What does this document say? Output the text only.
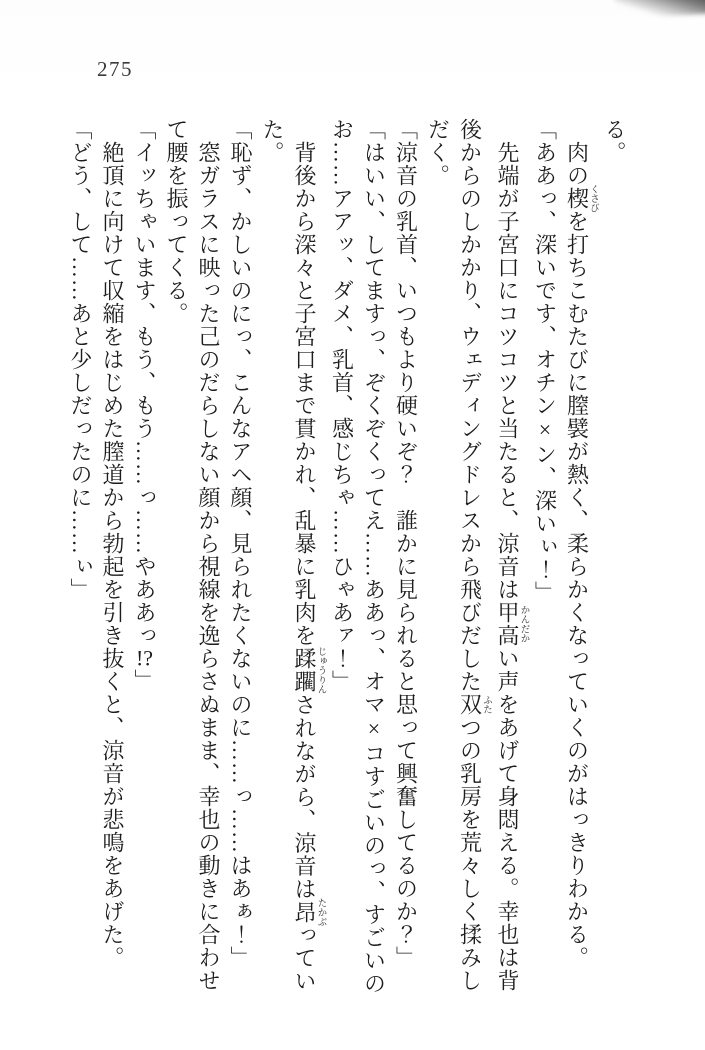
275

る。

肉の楔くさびを打ちこむたびに膣襞が熱く、柔らかくなっていくのがはっきりわかる。

「ああっ、深いです、オチン×ン、深いぃ！」

先端が子宮口にコツコツと当たると、涼音は甲高かんだかい声をあげて身悶える。幸也は背

後からのしかかり、ウェディングドレスから飛びだした双ふたつの乳房を荒々しく揉みし

だく。

「涼音の乳首、いつもより硬いぞ？　誰かに見られると思って興奮してるのか？」

「はいい、してますっ、ぞくぞくってえ……ああっ、オマ×コすごいのっ、すごいの

お……アアッ、ダメ、乳首、感じちゃ……ひゃあァ！」

背後から深々と子宮口まで貫かれ、乱暴に乳肉を蹂躙じゅうりんされながら、涼音は昂たかぶってい

た。

「恥ず、かしいのにっ、こんなアヘ顔、見られたくないのに……っ……はあぁ！」

窓ガラスに映った己のだらしない顔から視線を逸らさぬまま、幸也の動きに合わせ

て腰を振ってくる。

「イッちゃいます、もう、もう……っ……やああっ!?」

絶頂に向けて収縮をはじめた膣道から勃起を引き抜くと、涼音が悲鳴をあげた。

「どう、して……あと少しだったのに……ぃ」
